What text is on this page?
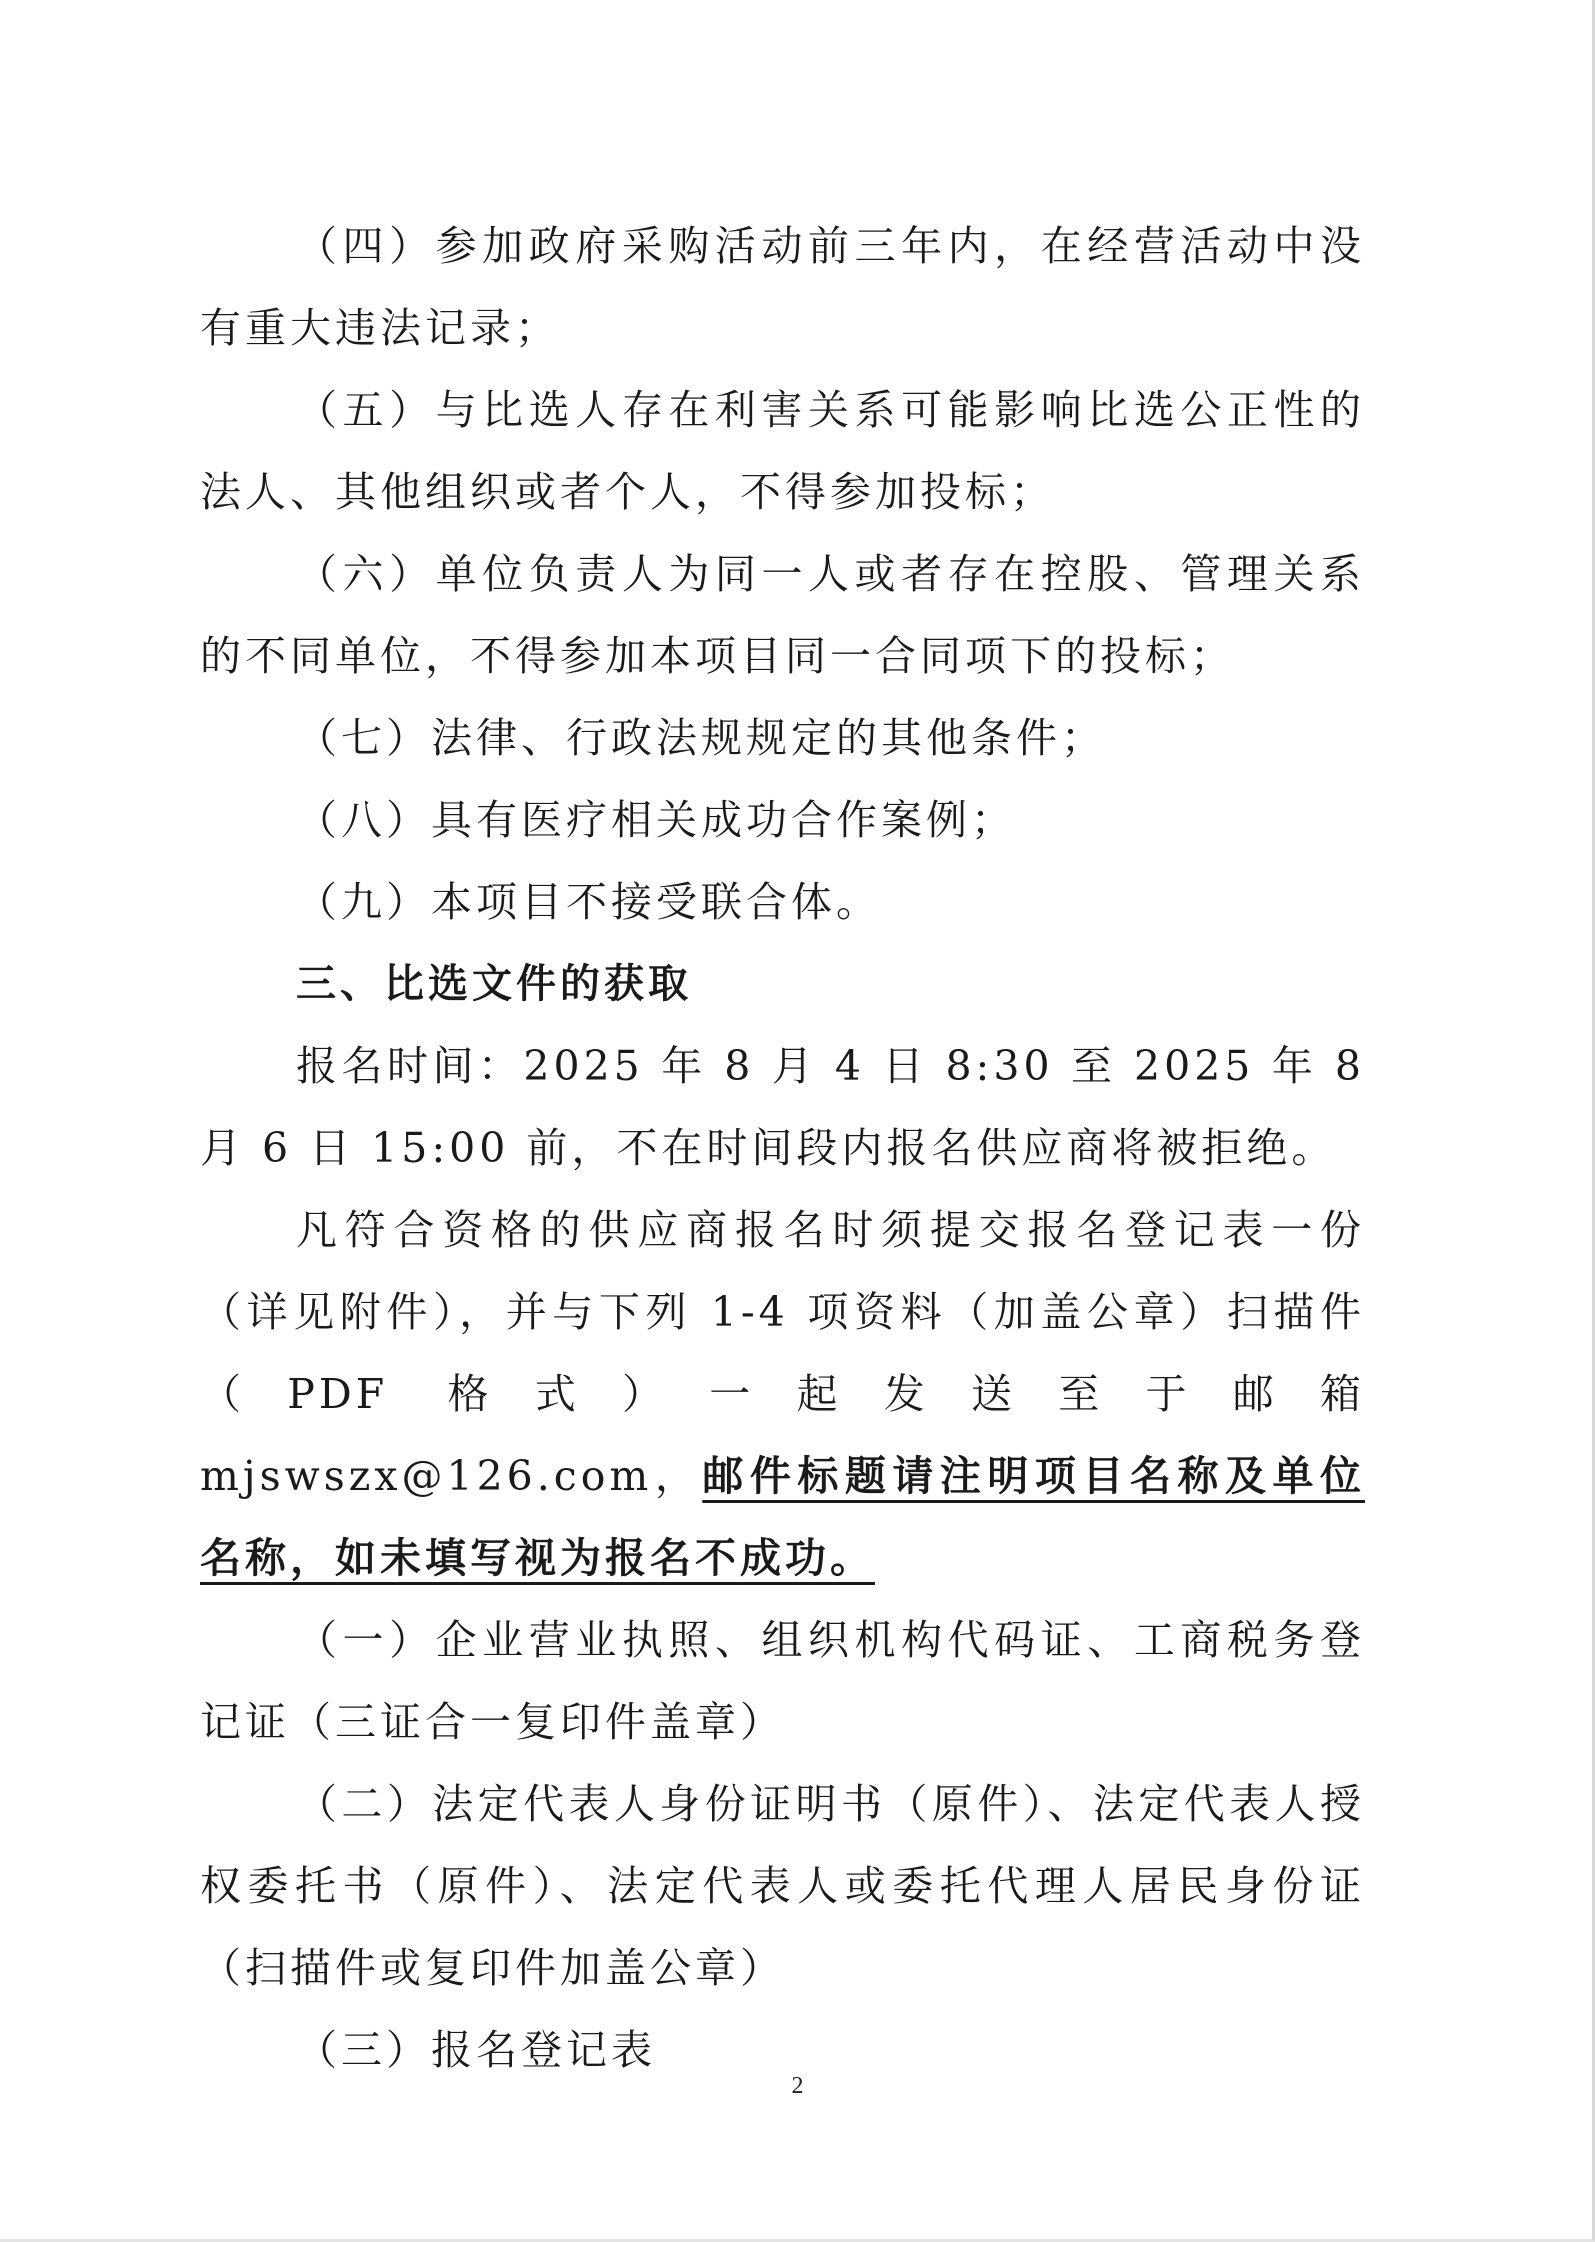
（四）参加政府采购活动前三年内，在经营活动中没有重大违法记录；

（五）与比选人存在利害关系可能影响比选公正性的法人、其他组织或者个人，不得参加投标；

（六）单位负责人为同一人或者存在控股、管理关系的不同单位，不得参加本项目同一合同项下的投标；

（七）法律、行政法规规定的其他条件；

（八）具有医疗相关成功合作案例；

（九）本项目不接受联合体。

三、比选文件的获取

报名时间：2025 年 8 月 4 日 8:30 至 2025 年 8 月 6 日 15:00 前，不在时间段内报名供应商将被拒绝。

凡符合资格的供应商报名时须提交报名登记表一份（详见附件），并与下列 1-4 项资料（加盖公章）扫描件（PDF 格式）一起发送至于邮箱 mjswszx@126.com，邮件标题请注明项目名称及单位名称，如未填写视为报名不成功。

（一）企业营业执照、组织机构代码证、工商税务登记证（三证合一复印件盖章）

（二）法定代表人身份证明书（原件）、法定代表人授权委托书（原件）、法定代表人或委托代理人居民身份证（扫描件或复印件加盖公章）

（三）报名登记表

2
